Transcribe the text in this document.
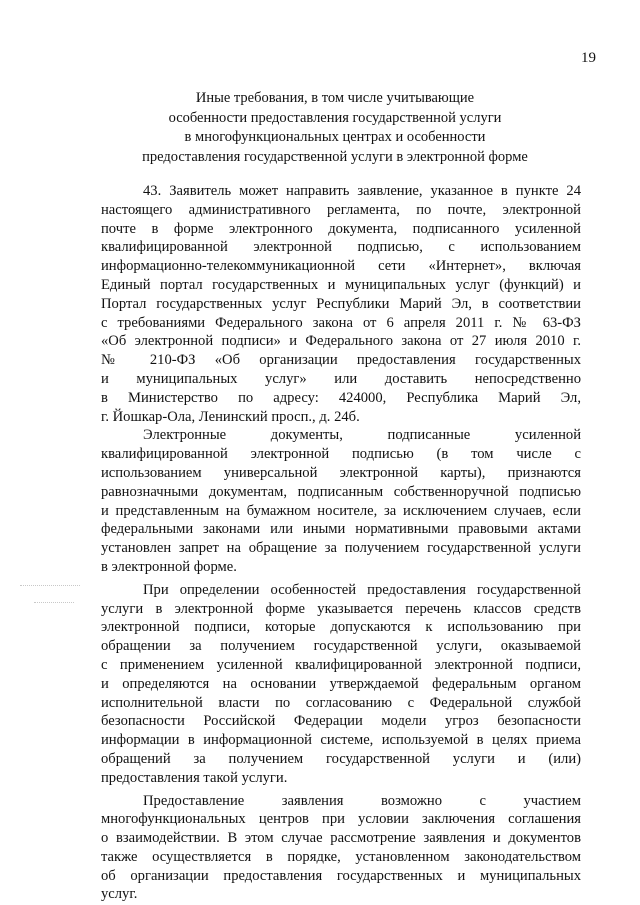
19
Иные требования, в том числе учитывающие
особенности предоставления государственной услуги
в многофункциональных центрах и особенности
предоставления государственной услуги в электронной форме
43. Заявитель может направить заявление, указанное в пункте 24
настоящего административного регламента, по почте, электронной
почте в форме электронного документа, подписанного усиленной
квалифицированной электронной подписью, с использованием
информационно-телекоммуникационной сети «Интернет», включая
Единый портал государственных и муниципальных услуг (функций) и
Портал государственных услуг Республики Марий Эл, в соответствии
с требованиями Федерального закона от 6 апреля 2011 г. № 63-ФЗ
«Об электронной подписи» и Федерального закона от 27 июля 2010 г.
№ 210-ФЗ «Об организации предоставления государственных
и муниципальных услуг» или доставить непосредственно
в Министерство по адресу: 424000, Республика Марий Эл,
г. Йошкар-Ола, Ленинский просп., д. 24б.
Электронные документы, подписанные усиленной
квалифицированной электронной подписью (в том числе с
использованием универсальной электронной карты), признаются
равнозначными документам, подписанным собственноручной подписью
и представленным на бумажном носителе, за исключением случаев, если
федеральными законами или иными нормативными правовыми актами
установлен запрет на обращение за получением государственной услуги
в электронной форме.
При определении особенностей предоставления государственной
услуги в электронной форме указывается перечень классов средств
электронной подписи, которые допускаются к использованию при
обращении за получением государственной услуги, оказываемой
с применением усиленной квалифицированной электронной подписи,
и определяются на основании утверждаемой федеральным органом
исполнительной власти по согласованию с Федеральной службой
безопасности Российской Федерации модели угроз безопасности
информации в информационной системе, используемой в целях приема
обращений за получением государственной услуги и (или)
предоставления такой услуги.
Предоставление заявления возможно с участием
многофункциональных центров при условии заключения соглашения
о взаимодействии. В этом случае рассмотрение заявления и документов
также осуществляется в порядке, установленном законодательством
об организации предоставления государственных и муниципальных
услуг.
